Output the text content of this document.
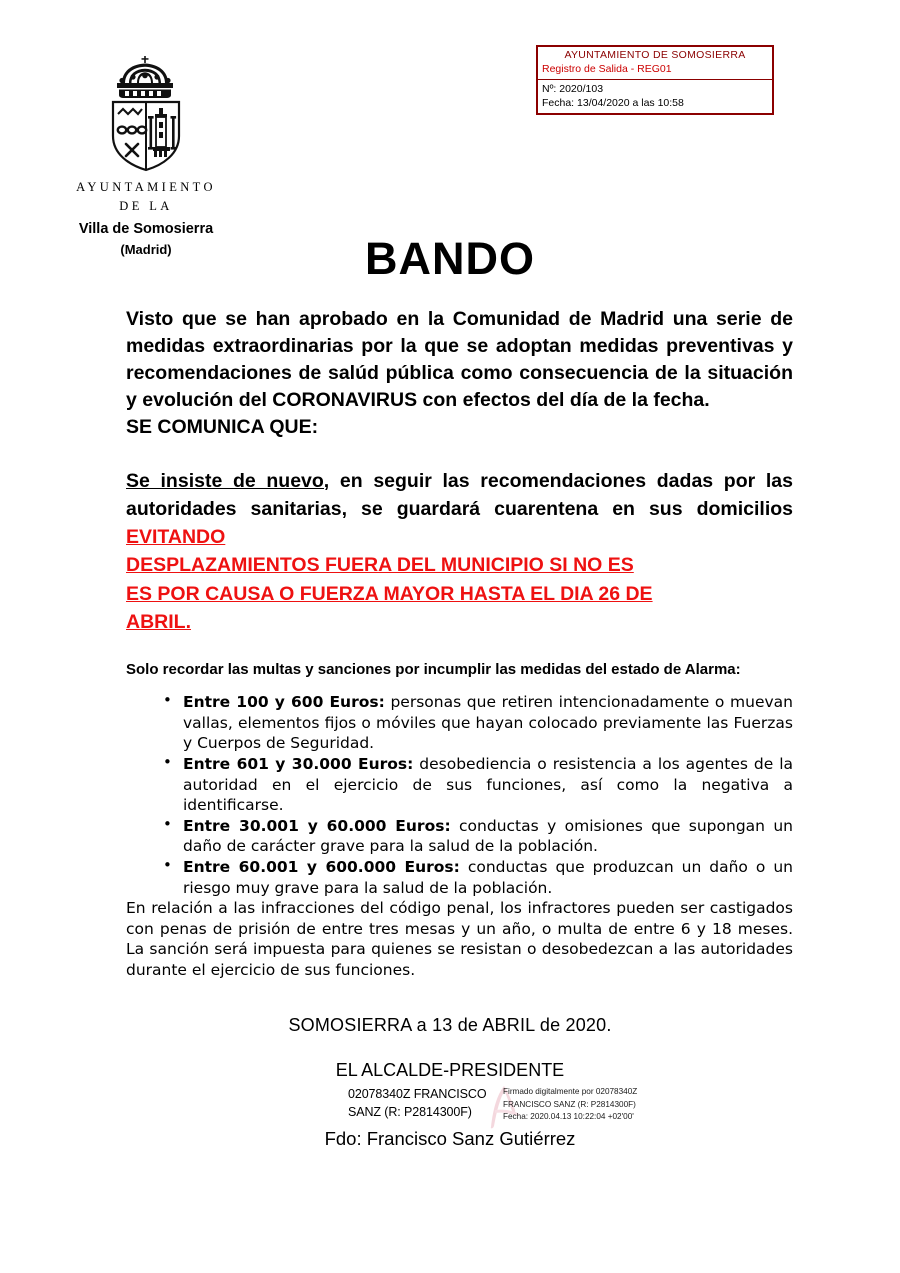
AYUNTAMIENTO DE SOMOSIERRA
Registro de Salida - REG01
Nº: 2020/103
Fecha: 13/04/2020 a las 10:58
AYUNTAMIENTO
DE LA
Villa de Somosierra
(Madrid)	BANDO

Visto que se han aprobado en la Comunidad de Madrid una serie de medidas extraordinarias por la que se adoptan medidas preventivas y recomendaciones de salúd pública como consecuencia de la situación y evolución del CORONAVIRUS con efectos del día de la fecha.

SE COMUNICA QUE:

Se insiste de nuevo, en seguir las recomendaciones dadas por las autoridades sanitarias, se guardará cuarentena en sus domicilios EVITANDO

DESPLAZAMIENTOS FUERA DEL MUNICIPIO SI NO ES

ES POR CAUSA O FUERZA MAYOR HASTA EL DIA 26 DE

ABRIL.

Solo recordar las multas y sanciones por incumplir las medidas del estado de Alarma:

• Entre 100 y 600 Euros: personas que retiren intencionadamente o muevan vallas, elementos fijos o móviles que hayan colocado previamente las Fuerzas y Cuerpos de Seguridad.
• Entre 601 y 30.000 Euros: desobediencia o resistencia a los agentes de la autoridad en el ejercicio de sus funciones, así como la negativa a identificarse.
• Entre 30.001 y 60.000 Euros: conductas y omisiones que supongan un daño de carácter grave para la salud de la población.
• Entre 60.001 y 600.000 Euros: conductas que produzcan un daño o un riesgo muy grave para la salud de la población.

En relación a las infracciones del código penal, los infractores pueden ser castigados con penas de prisión de entre tres mesas y un año, o multa de entre 6 y 18 meses. La sanción será impuesta para quienes se resistan o desobedezcan a las autoridades durante el ejercicio de sus funciones.

SOMOSIERRA a 13 de ABRIL de 2020.
EL ALCALDE-PRESIDENTE
02078340Z FRANCISCO
SANZ (R: P2814300F)
Firmado digitalmente por 02078340Z
FRANCISCO SANZ (R: P2814300F)
Fecha: 2020.04.13 10:22:04 +02'00'
Fdo: Francisco Sanz Gutiérrez
